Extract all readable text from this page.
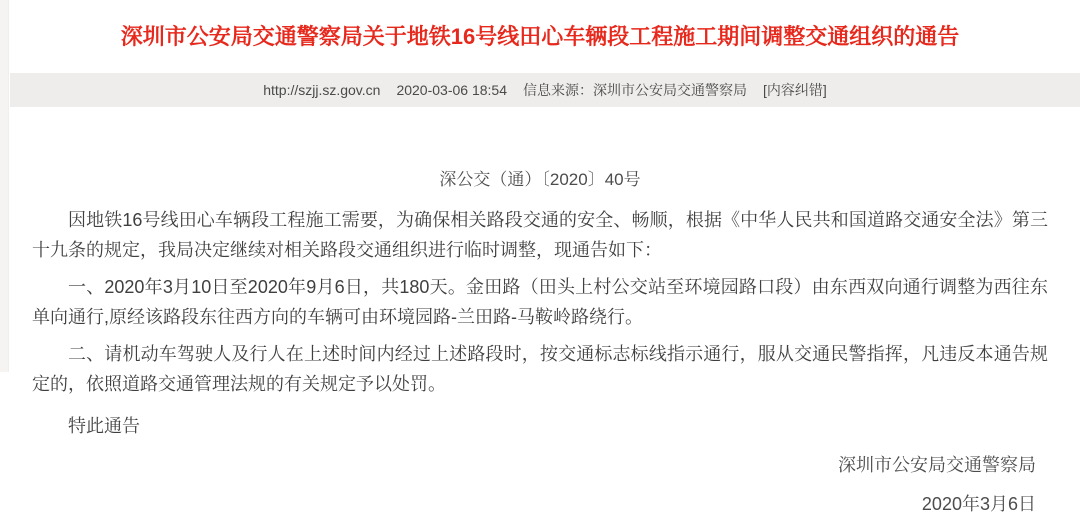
深圳市公安局交通警察局关于地铁16号线田心车辆段工程施工期间调整交通组织的通告
http://szjj.sz.gov.cn 2020-03-06 18:54 信息来源：深圳市公安局交通警察局 [内容纠错]
深公交（通）〔2020〕40号

因地铁16号线田心车辆段工程施工需要，为确保相关路段交通的安全、畅顺，根据《中华人民共和国道路交通安全法》第三十九条的规定，我局决定继续对相关路段交通组织进行临时调整，现通告如下：

一、2020年3月10日至2020年9月6日，共180天。金田路（田头上村公交站至环境园路口段）由东西双向通行调整为西往东单向通行,原经该路段东往西方向的车辆可由环境园路-兰田路-马鞍岭路绕行。

二、请机动车驾驶人及行人在上述时间内经过上述路段时，按交通标志标线指示通行，服从交通民警指挥，凡违反本通告规定的，依照道路交通管理法规的有关规定予以处罚。

特此通告

深圳市公安局交通警察局
2020年3月6日
